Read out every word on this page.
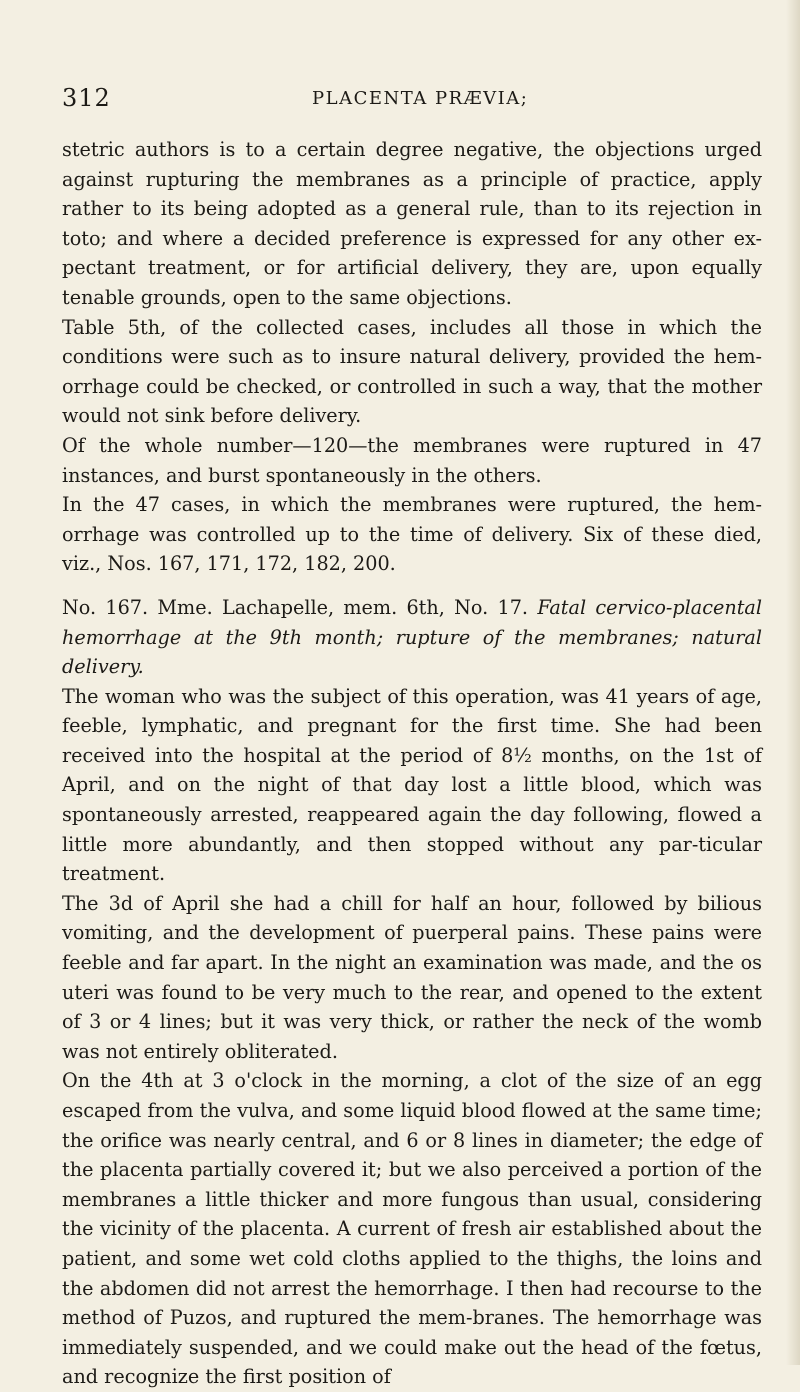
312	PLACENTA PRÆVIA;

stetric authors is to a certain degree negative, the objections urged against rupturing the membranes as a principle of practice, apply rather to its being adopted as a general rule, than to its rejection in toto; and where a decided preference is expressed for any other ex-pectant treatment, or for artificial delivery, they are, upon equally tenable grounds, open to the same objections.

Table 5th, of the collected cases, includes all those in which the conditions were such as to insure natural delivery, provided the hem-orrhage could be checked, or controlled in such a way, that the mother would not sink before delivery.

Of the whole number—120—the membranes were ruptured in 47 instances, and burst spontaneously in the others.

In the 47 cases, in which the membranes were ruptured, the hem-orrhage was controlled up to the time of delivery. Six of these died, viz., Nos. 167, 171, 172, 182, 200.

No. 167. Mme. Lachapelle, mem. 6th, No. 17. Fatal cervico-placental hemorrhage at the 9th month; rupture of the membranes; natural delivery.

The woman who was the subject of this operation, was 41 years of age, feeble, lymphatic, and pregnant for the first time. She had been received into the hospital at the period of 8½ months, on the 1st of April, and on the night of that day lost a little blood, which was spontaneously arrested, reappeared again the day following, flowed a little more abundantly, and then stopped without any par-ticular treatment.

The 3d of April she had a chill for half an hour, followed by bilious vomiting, and the development of puerperal pains. These pains were feeble and far apart. In the night an examination was made, and the os uteri was found to be very much to the rear, and opened to the extent of 3 or 4 lines; but it was very thick, or rather the neck of the womb was not entirely obliterated.

On the 4th at 3 o'clock in the morning, a clot of the size of an egg escaped from the vulva, and some liquid blood flowed at the same time; the orifice was nearly central, and 6 or 8 lines in diameter; the edge of the placenta partially covered it; but we also perceived a portion of the membranes a little thicker and more fungous than usual, considering the vicinity of the placenta. A current of fresh air established about the patient, and some wet cold cloths applied to the thighs, the loins and the abdomen did not arrest the hemorrhage. I then had recourse to the method of Puzos, and ruptured the mem-branes. The hemorrhage was immediately suspended, and we could make out the head of the fœtus, and recognize the first position of
